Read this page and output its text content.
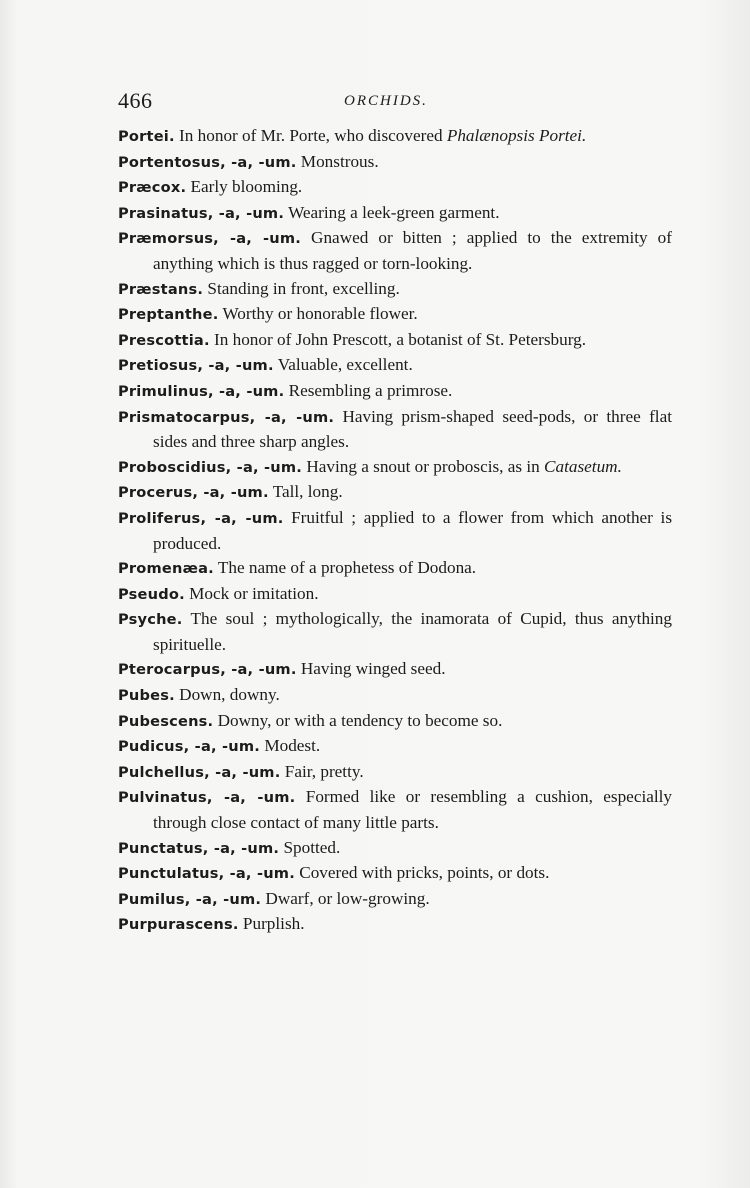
466	ORCHIDS.

Portei. In honor of Mr. Porte, who discovered Phalænopsis Portei.

Portentosus, -a, -um. Monstrous.

Præcox. Early blooming.

Prasinatus, -a, -um. Wearing a leek-green garment.

Præmorsus, -a, -um. Gnawed or bitten ; applied to the extremity of anything which is thus ragged or torn-looking.

Præstans. Standing in front, excelling.

Preptanthe. Worthy or honorable flower.

Prescottia. In honor of John Prescott, a botanist of St. Petersburg.

Pretiosus, -a, -um. Valuable, excellent.

Primulinus, -a, -um. Resembling a primrose.

Prismatocarpus, -a, -um. Having prism-shaped seed-pods, or three flat sides and three sharp angles.

Proboscidius, -a, -um. Having a snout or proboscis, as in Catasetum.

Procerus, -a, -um. Tall, long.

Proliferus, -a, -um. Fruitful ; applied to a flower from which another is produced.

Promenæa. The name of a prophetess of Dodona.

Pseudo. Mock or imitation.

Psyche. The soul ; mythologically, the inamorata of Cupid, thus anything spirituelle.

Pterocarpus, -a, -um. Having winged seed.

Pubes. Down, downy.

Pubescens. Downy, or with a tendency to become so.

Pudicus, -a, -um. Modest.

Pulchellus, -a, -um. Fair, pretty.

Pulvinatus, -a, -um. Formed like or resembling a cushion, especially through close contact of many little parts.

Punctatus, -a, -um. Spotted.

Punctulatus, -a, -um. Covered with pricks, points, or dots.

Pumilus, -a, -um. Dwarf, or low-growing.

Purpurascens. Purplish.
